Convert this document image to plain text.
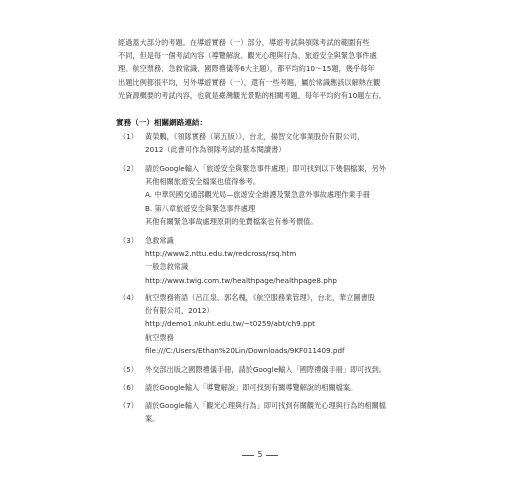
經過蓋大部分的考題。在導遊實務（一）部分，導遊考試與領隊考試的範圍有些

不同，但是每一個考試內容（導覽解說、觀光心理與行為、旅遊安全與緊急事件處

理、航空票務、急救常識、國際禮儀等6大主題），都平均約10～15題，幾乎每年

出題比例都很平均，另外導遊實務（一），還有一些考題，屬於常識應該以解熱在觀

光資源概要的考試內容，也就是臺灣觀光景點的相關考題，每年平均約有10題左右。

實務（一）相關網路連結：
（1） 黃榮鵬，《領隊實務（第五版）》，台北，揚智文化事業股份有限公司，
2012（此書可作為領隊考試的基本閱讀書）
（2） 請於Google輸入「旅遊安全與緊急事件處理」即可找到以下幾個檔案，另外
其他相關旅遊安全檔案也值得參考。
A. 中華民國交通部觀光局—旅遊安全維護及緊急意外事故處理作業手冊
B. 第八章旅遊安全與緊急事件處理
其他有關緊急事故處理原則的免費檔案也有參考價值。
（3） 急救常識
http://www2.nttu.edu.tw/redcross/rsq.htm
一般急救常識
http://www.twig.com.tw/healthpage/healthpage8.php
（4） 航空票務術語（呂江泉、郭名槐，《航空服務業管理》，台北，華立圖書股
份有限公司，2012）
http://demo1.nkuht.edu.tw/~t0259/abt/ch9.ppt
航空票務
file:///C:/Users/Ethan%20Lin/Downloads/9KF011409.pdf
（5） 外交部出版之國際禮儀手冊，請於Google輸入「國際禮儀手冊」即可找到。
（6） 請於Google輸入「導覽解說」即可找到有關導覽解說的相關檔案。
（7） 請於Google輸入「觀光心理與行為」即可找到有關觀光心理與行為的相關檔
案。
5
